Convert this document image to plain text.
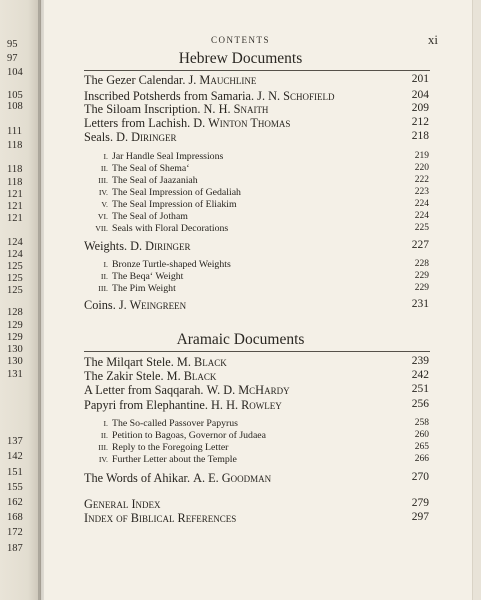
95
97
104
105
108
111
118
118
118
121
121
121
124
124
125
125
125
128
129
129
130
130
131
137
142
151
155
162
168
172
187
CONTENTS	xi
Hebrew Documents
The Gezer Calendar. J. Mauchline	201
Inscribed Potsherds from Samaria. J. N. Schofield	204
The Siloam Inscription. N. H. Snaith	209
Letters from Lachish. D. Winton Thomas	212
Seals. D. Diringer	218
I. Jar Handle Seal Impressions	219
II. The Seal of Shema‘	220
III. The Seal of Jaazaniah	222
IV. The Seal Impression of Gedaliah	223
V. The Seal Impression of Eliakim	224
VI. The Seal of Jotham	224
VII. Seals with Floral Decorations	225
Weights. D. Diringer	227
I. Bronze Turtle-shaped Weights	228
II. The Beqa‘ Weight	229
III. The Pim Weight	229
Coins. J. Weingreen	231
Aramaic Documents
The Milqart Stele. M. Black	239
The Zakir Stele. M. Black	242
A Letter from Saqqarah. W. D. McHardy	251
Papyri from Elephantine. H. H. Rowley	256
I. The So-called Passover Papyrus	258
II. Petition to Bagoas, Governor of Judaea	260
III. Reply to the Foregoing Letter	265
IV. Further Letter about the Temple	266
The Words of Ahikar. A. E. Goodman	270
General Index	279
Index of Biblical References	297
